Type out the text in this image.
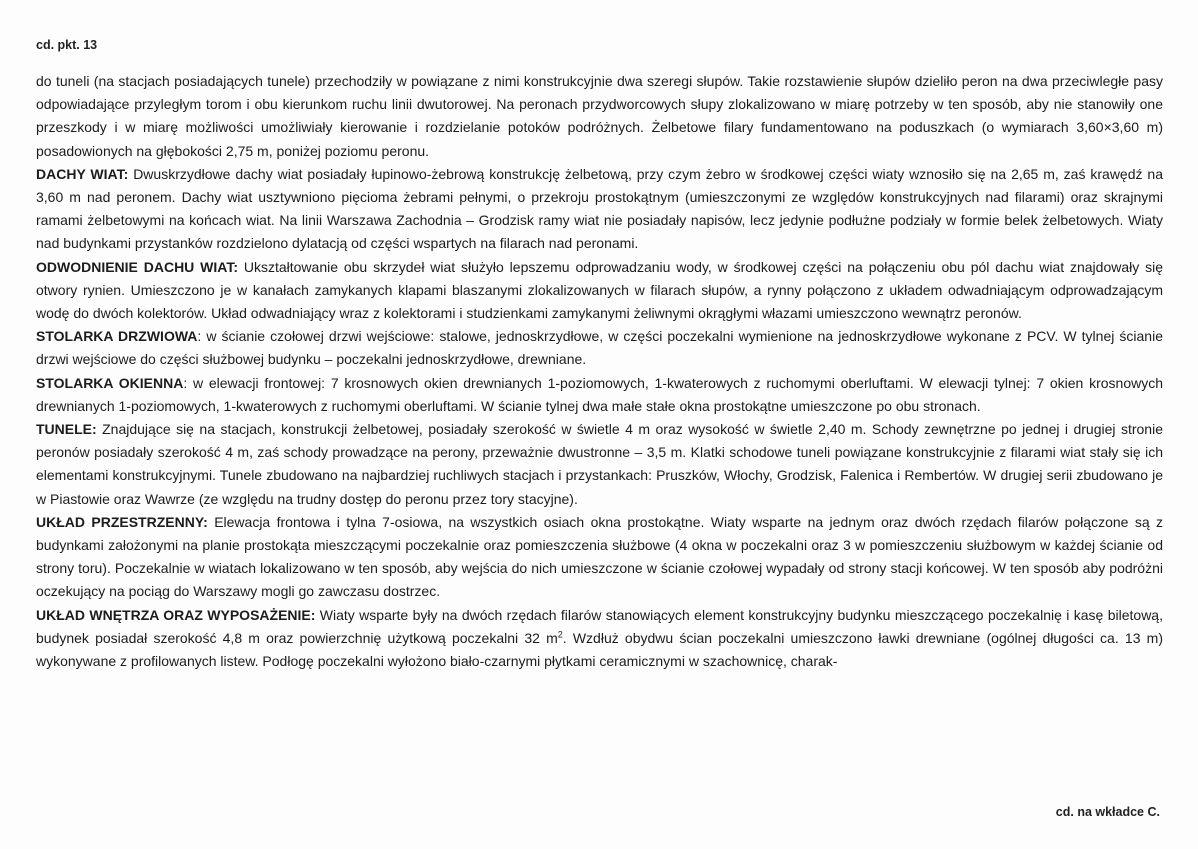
cd. pkt. 13

do tuneli (na stacjach posiadających tunele) przechodziły w powiązane z nimi konstrukcyjnie dwa szeregi słupów. Takie rozstawienie słupów dzieliło peron na dwa przeciwległe pasy odpowiadające przyległym torom i obu kierunkom ruchu linii dwutorowej. Na peronach przydworcowych słupy zlokalizowano w miarę potrzeby w ten sposób, aby nie stanowiły one przeszkody i w miarę możliwości umożliwiały kierowanie i rozdzielanie potoków podróżnych. Żelbetowe filary fundamentowano na poduszkach (o wymiarach 3,60×3,60 m) posadowionych na głębokości 2,75 m, poniżej poziomu peronu.

DACHY WIAT: Dwuskrzydłowe dachy wiat posiadały łupinowo-żebrową konstrukcję żelbetową, przy czym żebro w środkowej części wiaty wznosiło się na 2,65 m, zaś krawędź na 3,60 m nad peronem. Dachy wiat usztywniono pięcioma żebrami pełnymi, o przekroju prostokątnym (umieszczonymi ze względów konstrukcyjnych nad filarami) oraz skrajnymi ramami żelbetowymi na końcach wiat. Na linii Warszawa Zachodnia – Grodzisk ramy wiat nie posiadały napisów, lecz jedynie podłużne podziały w formie belek żelbetowych. Wiaty nad budynkami przystanków rozdzielono dylatacją od części wspartych na filarach nad peronami.

ODWODNIENIE DACHU WIAT: Ukształtowanie obu skrzydeł wiat służyło lepszemu odprowadzaniu wody, w środkowej części na połączeniu obu pól dachu wiat znajdowały się otwory rynien. Umieszczono je w kanałach zamykanych klapami blaszanymi zlokalizowanych w filarach słupów, a rynny połączono z układem odwadniającym odprowadzającym wodę do dwóch kolektorów. Układ odwadniający wraz z kolektorami i studzienkami zamykanymi żeliwnymi okrągłymi włazami umieszczono wewnątrz peronów.

STOLARKA DRZWIOWA: w ścianie czołowej drzwi wejściowe: stalowe, jednoskrzydłowe, w części poczekalni wymienione na jednoskrzydłowe wykonane z PCV. W tylnej ścianie drzwi wejściowe do części służbowej budynku – poczekalni jednoskrzydłowe, drewniane.

STOLARKA OKIENNA: w elewacji frontowej: 7 krosnowych okien drewnianych 1-poziomowych, 1-kwaterowych z ruchomymi oberluftami. W elewacji tylnej: 7 okien krosnowych drewnianych 1-poziomowych, 1-kwaterowych z ruchomymi oberluftami. W ścianie tylnej dwa małe stałe okna prostokątne umieszczone po obu stronach.

TUNELE: Znajdujące się na stacjach, konstrukcji żelbetowej, posiadały szerokość w świetle 4 m oraz wysokość w świetle 2,40 m. Schody zewnętrzne po jednej i drugiej stronie peronów posiadały szerokość 4 m, zaś schody prowadzące na perony, przeważnie dwustronne – 3,5 m. Klatki schodowe tuneli powiązane konstrukcyjnie z filarami wiat stały się ich elementami konstrukcyjnymi. Tunele zbudowano na najbardziej ruchliwych stacjach i przystankach: Pruszków, Włochy, Grodzisk, Falenica i Rembertów. W drugiej serii zbudowano je w Piastowie oraz Wawrze (ze względu na trudny dostęp do peronu przez tory stacyjne).

UKŁAD PRZESTRZENNY: Elewacja frontowa i tylna 7-osiowa, na wszystkich osiach okna prostokątne. Wiaty wsparte na jednym oraz dwóch rzędach filarów połączone są z budynkami założonymi na planie prostokąta mieszczącymi poczekalnie oraz pomieszczenia służbowe (4 okna w poczekalni oraz 3 w pomieszczeniu służbowym w każdej ścianie od strony toru). Poczekalnie w wiatach lokalizowano w ten sposób, aby wejścia do nich umieszczone w ścianie czołowej wypadały od strony stacji końcowej. W ten sposób aby podróżni oczekujący na pociąg do Warszawy mogli go zawczasu dostrzec.

UKŁAD WNĘTRZA ORAZ WYPOSAŻENIE: Wiaty wsparte były na dwóch rzędach filarów stanowiących element konstrukcyjny budynku mieszczącego poczekalnię i kasę biletową, budynek posiadał szerokość 4,8 m oraz powierzchnię użytkową poczekalni 32 $m^2$. Wzdłuż obydwu ścian poczekalni umieszczono ławki drewniane (ogólnej długości ca. 13 m) wykonywane z profilowanych listew. Podłogę poczekalni wyłożono biało-czarnymi płytkami ceramicznymi w szachownicę, charak-

cd. na wkładce C.
